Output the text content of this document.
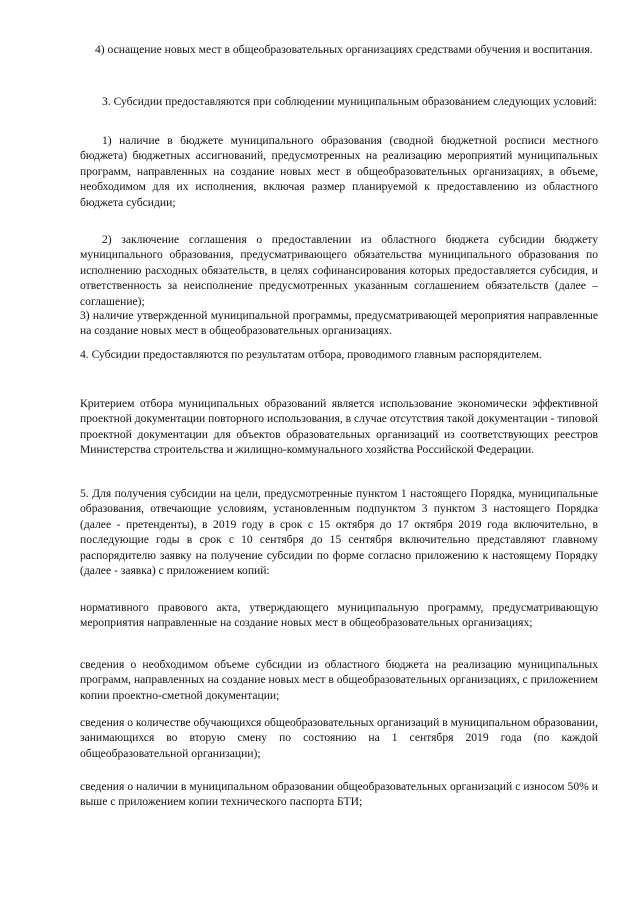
4) оснащение новых мест в общеобразовательных организациях средствами обучения и воспитания.

3. Субсидии предоставляются при соблюдении муниципальным образованием следующих условий:

1) наличие в бюджете муниципального образования (сводной бюджетной росписи местного бюджета) бюджетных ассигнований, предусмотренных на реализацию мероприятий муниципальных программ, направленных на создание новых мест в общеобразовательных организациях, в объеме, необходимом для их исполнения, включая размер планируемой к предоставлению из областного бюджета субсидии;

2) заключение соглашения о предоставлении из областного бюджета субсидии бюджету муниципального образования, предусматривающего обязательства муниципального образования по исполнению расходных обязательств, в целях софинансирования которых предоставляется субсидия, и ответственность за неисполнение предусмотренных указанным соглашением обязательств (далее – соглашение);

3) наличие утвержденной муниципальной программы, предусматривающей мероприятия направленные на создание новых мест в общеобразовательных организациях.

4. Субсидии предоставляются по результатам отбора, проводимого главным распорядителем.

Критерием отбора муниципальных образований является использование экономически эффективной проектной документации повторного использования, в случае отсутствия такой документации - типовой проектной документации для объектов образовательных организаций из соответствующих реестров Министерства строительства и жилищно-коммунального хозяйства Российской Федерации.

5. Для получения субсидии на цели, предусмотренные пунктом 1 настоящего Порядка, муниципальные образования, отвечающие условиям, установленным подпунктом 3 пунктом 3 настоящего Порядка (далее - претенденты), в 2019 году в срок с 15 октября до 17 октября 2019 года включительно, в последующие годы в срок с 10 сентября до 15 сентября включительно представляют главному распорядителю заявку на получение субсидии по форме согласно приложению к настоящему Порядку (далее - заявка) с приложением копий:

нормативного правового акта, утверждающего муниципальную программу, предусматривающую мероприятия направленные на создание новых мест в общеобразовательных организациях;

сведения о необходимом объеме субсидии из областного бюджета на реализацию муниципальных программ, направленных на создание новых мест в общеобразовательных организациях, с приложением копии проектно-сметной документации;

сведения о количестве обучающихся общеобразовательных организаций в муниципальном образовании, занимающихся во вторую смену по состоянию на 1 сентября 2019 года (по каждой общеобразовательной организации);

сведения о наличии в муниципальном образовании общеобразовательных организаций с износом 50% и выше с приложением копии технического паспорта БТИ;
